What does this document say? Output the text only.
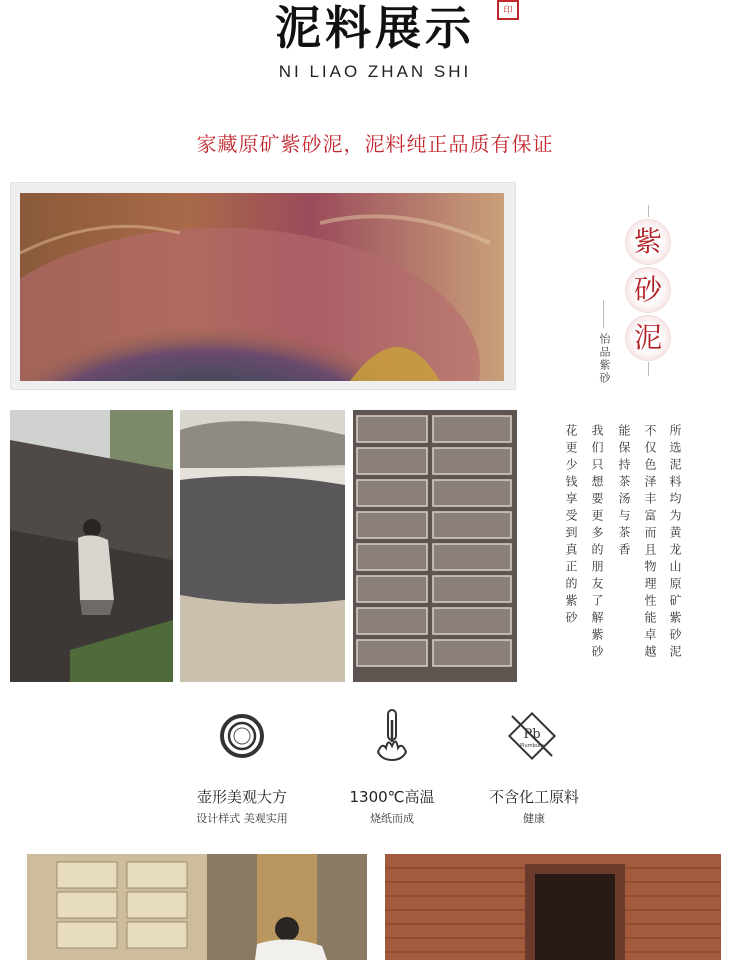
泥料展示	印
NI LIAO ZHAN SHI
家藏原矿紫砂泥，泥料纯正品质有保证
紫
砂
泥
怡品紫砂
所选泥料均为黄龙山原矿紫砂泥
不仅色泽丰富而且物理性能卓越
能保持茶汤与茶香
我们只想要更多的朋友了解紫砂
花更少钱享受到真正的紫砂
Pb
Plumbum
壶形美观大方
设计样式 美观实用
1300℃高温
烧纸而成
不含化工原料
健康
